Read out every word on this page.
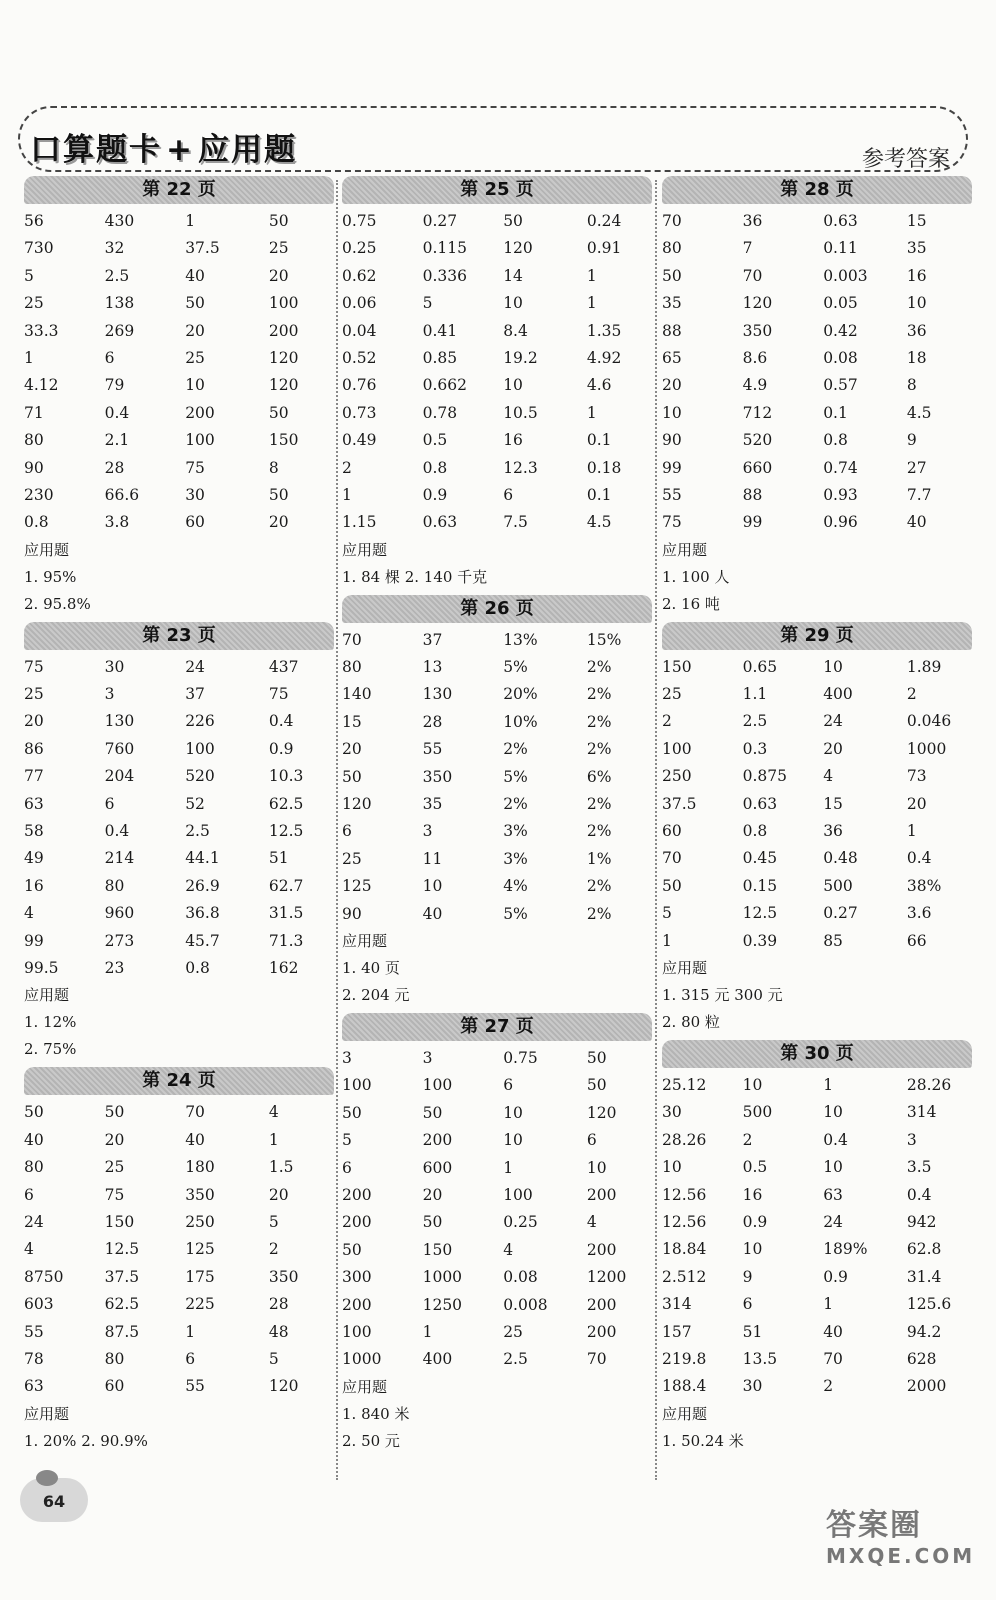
口算题卡 + 应用题	参考答案
第 22 页
56	430	1	50
730	32	37.5	25
5	2.5	40	20
25	138	50	100
33.3	269	20	200
1	6	25	120
4.12	79	10	120
71	0.4	200	50
80	2.1	100	150
90	28	75	8
230	66.6	30	50
0.8	3.8	60	20
应用题
1. 95%
2. 95.8%
第 23 页
75	30	24	437
25	3	37	75
20	130	226	0.4
86	760	100	0.9
77	204	520	10.3
63	6	52	62.5
58	0.4	2.5	12.5
49	214	44.1	51
16	80	26.9	62.7
4	960	36.8	31.5
99	273	45.7	71.3
99.5	23	0.8	162
应用题
1. 12%
2. 75%
第 24 页
50	50	70	4
40	20	40	1
80	25	180	1.5
6	75	350	20
24	150	250	5
4	12.5	125	2
8750	37.5	175	350
603	62.5	225	28
55	87.5	1	48
78	80	6	5
63	60	55	120
应用题
1. 20% 2. 90.9%
第 25 页
0.75	0.27	50	0.24
0.25	0.115	120	0.91
0.62	0.336	14	1
0.06	5	10	1
0.04	0.41	8.4	1.35
0.52	0.85	19.2	4.92
0.76	0.662	10	4.6
0.73	0.78	10.5	1
0.49	0.5	16	0.1
2	0.8	12.3	0.18
1	0.9	6	0.1
1.15	0.63	7.5	4.5
应用题
1. 84 棵 2. 140 千克
第 26 页
70	37	13%	15%
80	13	5%	2%
140	130	20%	2%
15	28	10%	2%
20	55	2%	2%
50	350	5%	6%
120	35	2%	2%
6	3	3%	2%
25	11	3%	1%
125	10	4%	2%
90	40	5%	2%
应用题
1. 40 页
2. 204 元
第 27 页
3	3	0.75	50
100	100	6	50
50	50	10	120
5	200	10	6
6	600	1	10
200	20	100	200
200	50	0.25	4
50	150	4	200
300	1000	0.08	1200
200	1250	0.008	200
100	1	25	200
1000	400	2.5	70
应用题
1. 840 米
2. 50 元
第 28 页
70	36	0.63	15
80	7	0.11	35
50	70	0.003	16
35	120	0.05	10
88	350	0.42	36
65	8.6	0.08	18
20	4.9	0.57	8
10	712	0.1	4.5
90	520	0.8	9
99	660	0.74	27
55	88	0.93	7.7
75	99	0.96	40
应用题
1. 100 人
2. 16 吨
第 29 页
150	0.65	10	1.89
25	1.1	400	2
2	2.5	24	0.046
100	0.3	20	1000
250	0.875	4	73
37.5	0.63	15	20
60	0.8	36	1
70	0.45	0.48	0.4
50	0.15	500	38%
5	12.5	0.27	3.6
1	0.39	85	66
应用题
1. 315 元 300 元
2. 80 粒
第 30 页
25.12	10	1	28.26
30	500	10	314
28.26	2	0.4	3
10	0.5	10	3.5
12.56	16	63	0.4
12.56	0.9	24	942
18.84	10	189%	62.8
2.512	9	0.9	31.4
314	6	1	125.6
157	51	40	94.2
219.8	13.5	70	628
188.4	30	2	2000
应用题
1. 50.24 米
64
答案圈
MXQE.COM
